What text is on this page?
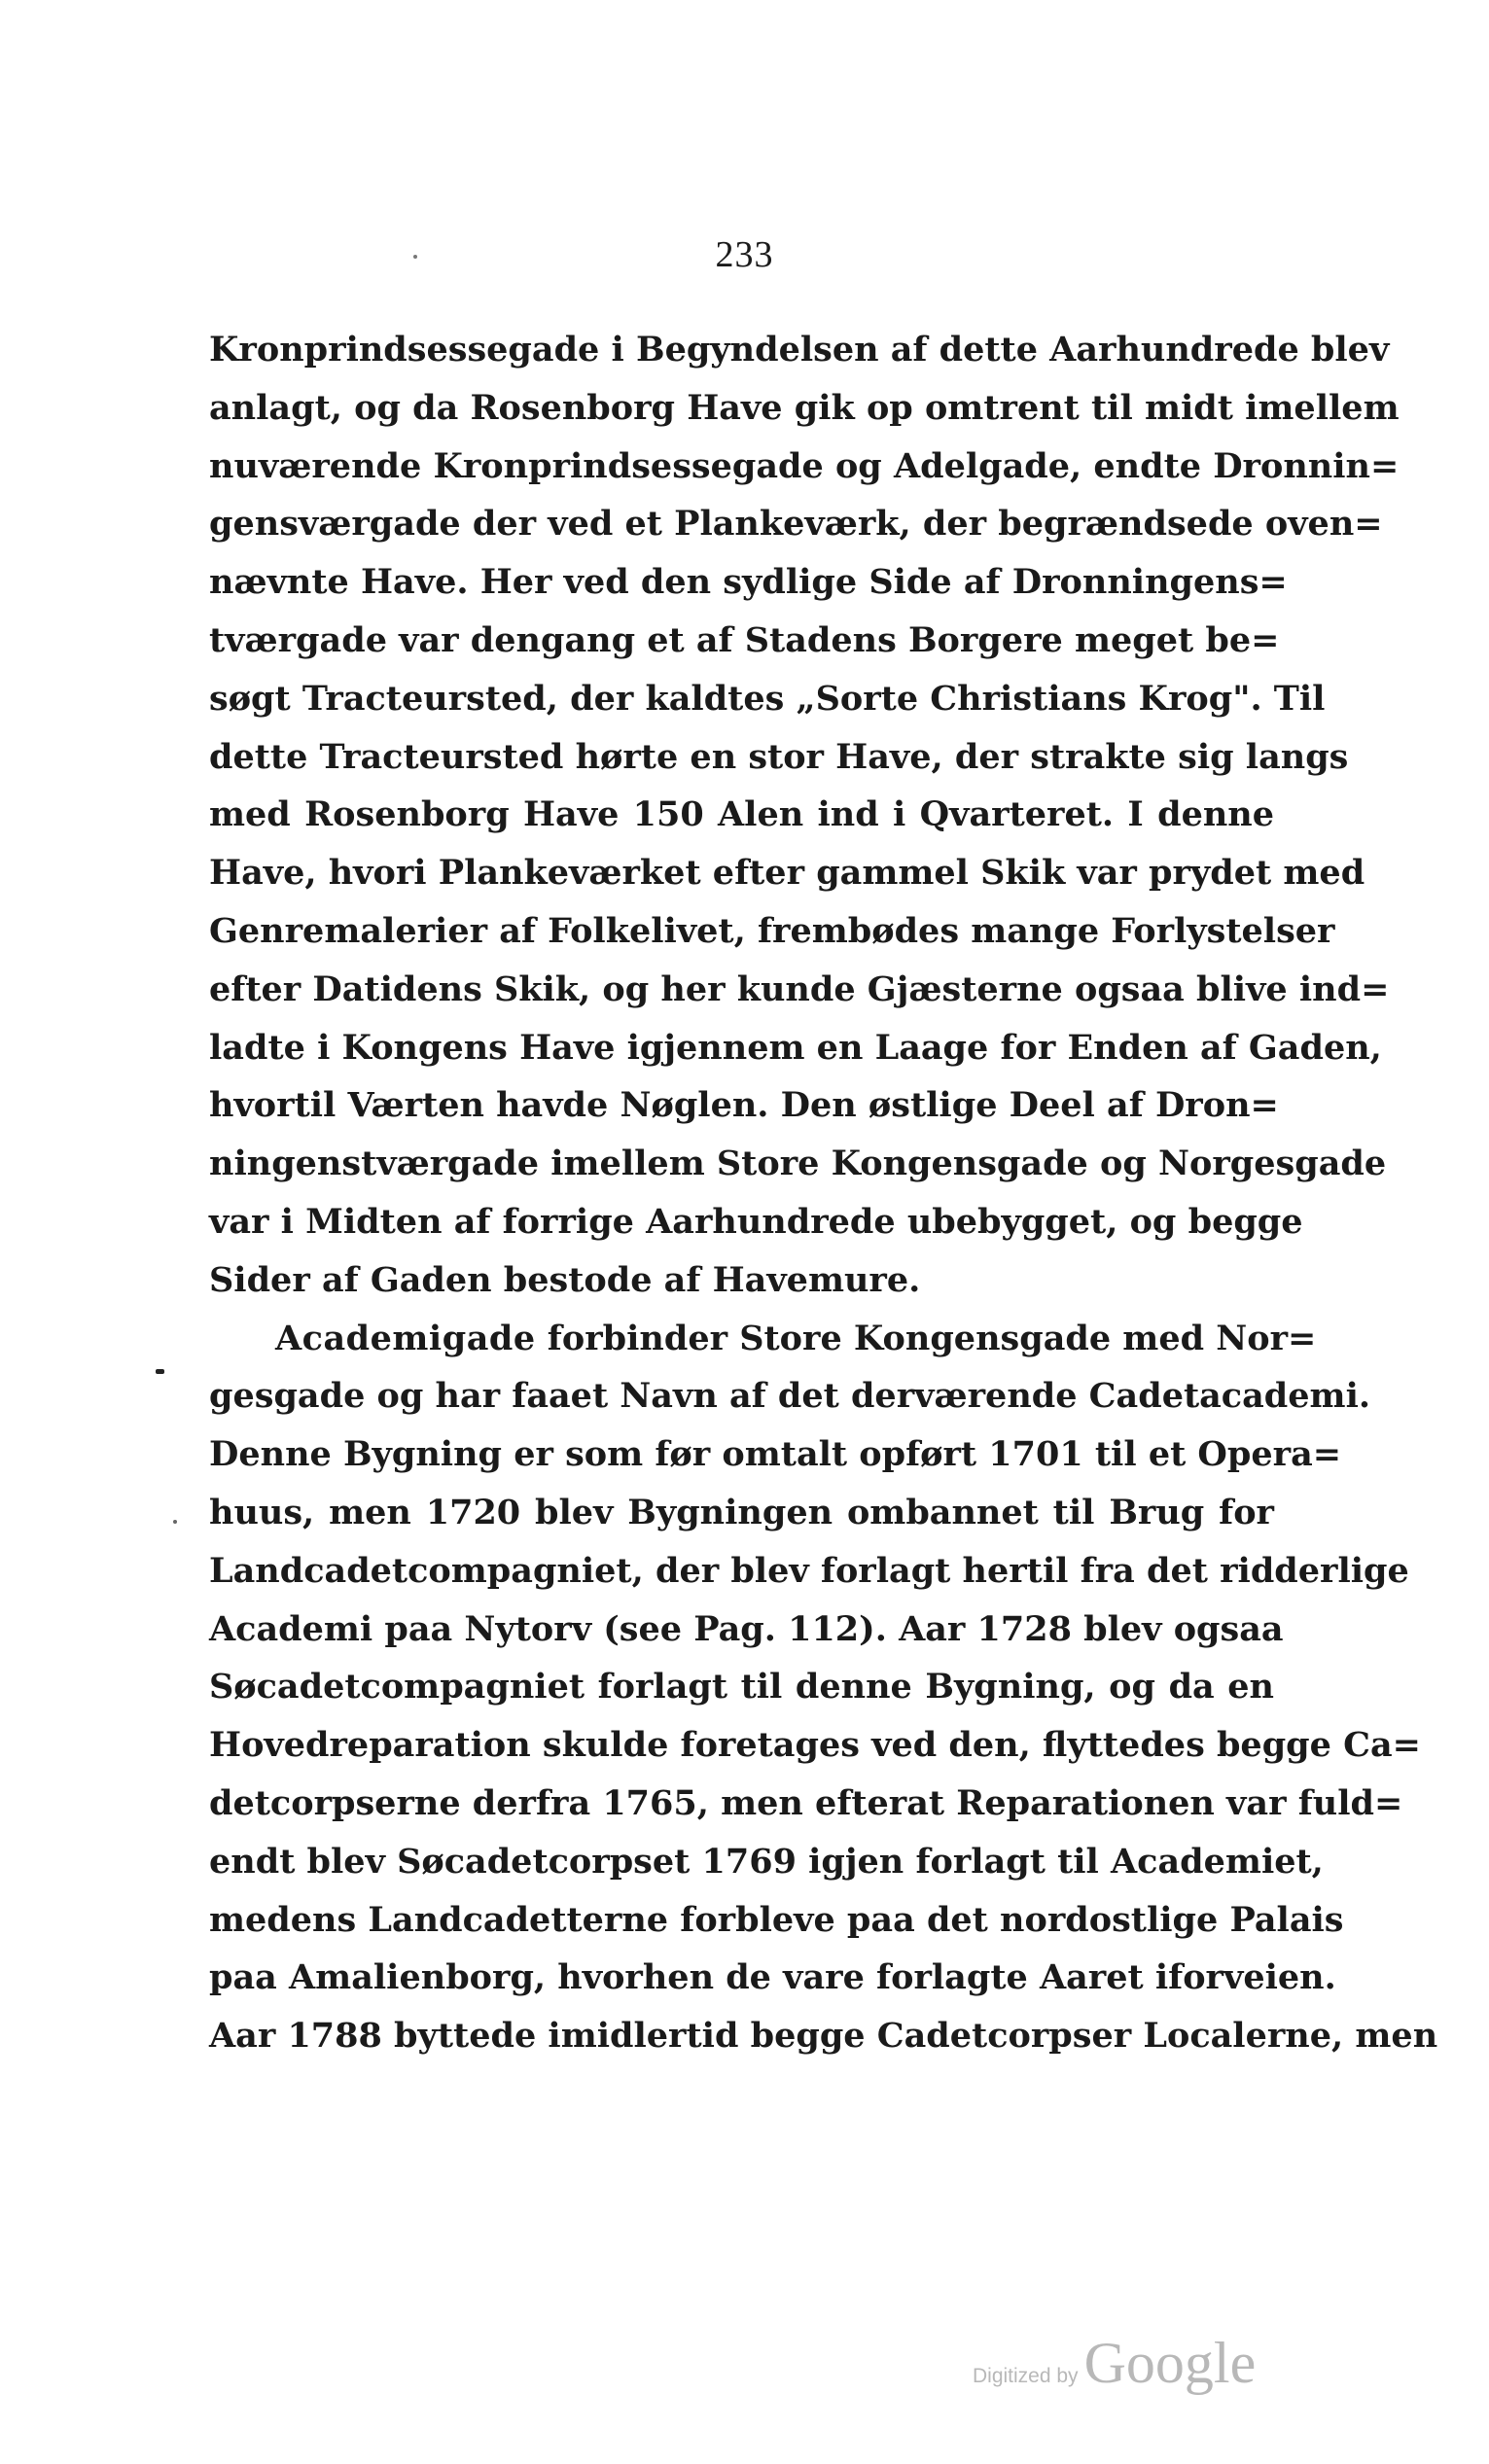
233
Kronprindsessegade i Begyndelsen af dette Aarhundrede blev
anlagt, og da Rosenborg Have gik op omtrent til midt imellem
nuværende Kronprindsessegade og Adelgade, endte Dronnin=
gensværgade der ved et Plankeværk, der begrændsede oven=
nævnte Have. Her ved den sydlige Side af Dronningens=
tværgade var dengang et af Stadens Borgere meget be=
søgt Tracteursted, der kaldtes „Sorte Christians Krog". Til
dette Tracteursted hørte en stor Have, der strakte sig langs
med Rosenborg Have 150 Alen ind i Qvarteret. I denne
Have, hvori Plankeværket efter gammel Skik var prydet med
Genremalerier af Folkelivet, frembødes mange Forlystelser
efter Datidens Skik, og her kunde Gjæsterne ogsaa blive ind=
ladte i Kongens Have igjennem en Laage for Enden af Gaden,
hvortil Værten havde Nøglen. Den østlige Deel af Dron=
ningenstværgade imellem Store Kongensgade og Norgesgade
var i Midten af forrige Aarhundrede ubebygget, og begge
Sider af Gaden bestode af Havemure.
Academigade forbinder Store Kongensgade med Nor=
gesgade og har faaet Navn af det derværende Cadetacademi.
Denne Bygning er som før omtalt opført 1701 til et Opera=
huus, men 1720 blev Bygningen ombannet til Brug for
Landcadetcompagniet, der blev forlagt hertil fra det ridderlige
Academi paa Nytorv (see Pag. 112). Aar 1728 blev ogsaa
Søcadetcompagniet forlagt til denne Bygning, og da en
Hovedreparation skulde foretages ved den, flyttedes begge Ca=
detcorpserne derfra 1765, men efterat Reparationen var fuld=
endt blev Søcadetcorpset 1769 igjen forlagt til Academiet,
medens Landcadetterne forbleve paa det nordostlige Palais
paa Amalienborg, hvorhen de vare forlagte Aaret iforveien.
Aar 1788 byttede imidlertid begge Cadetcorpser Localerne, men
Digitized by Google
